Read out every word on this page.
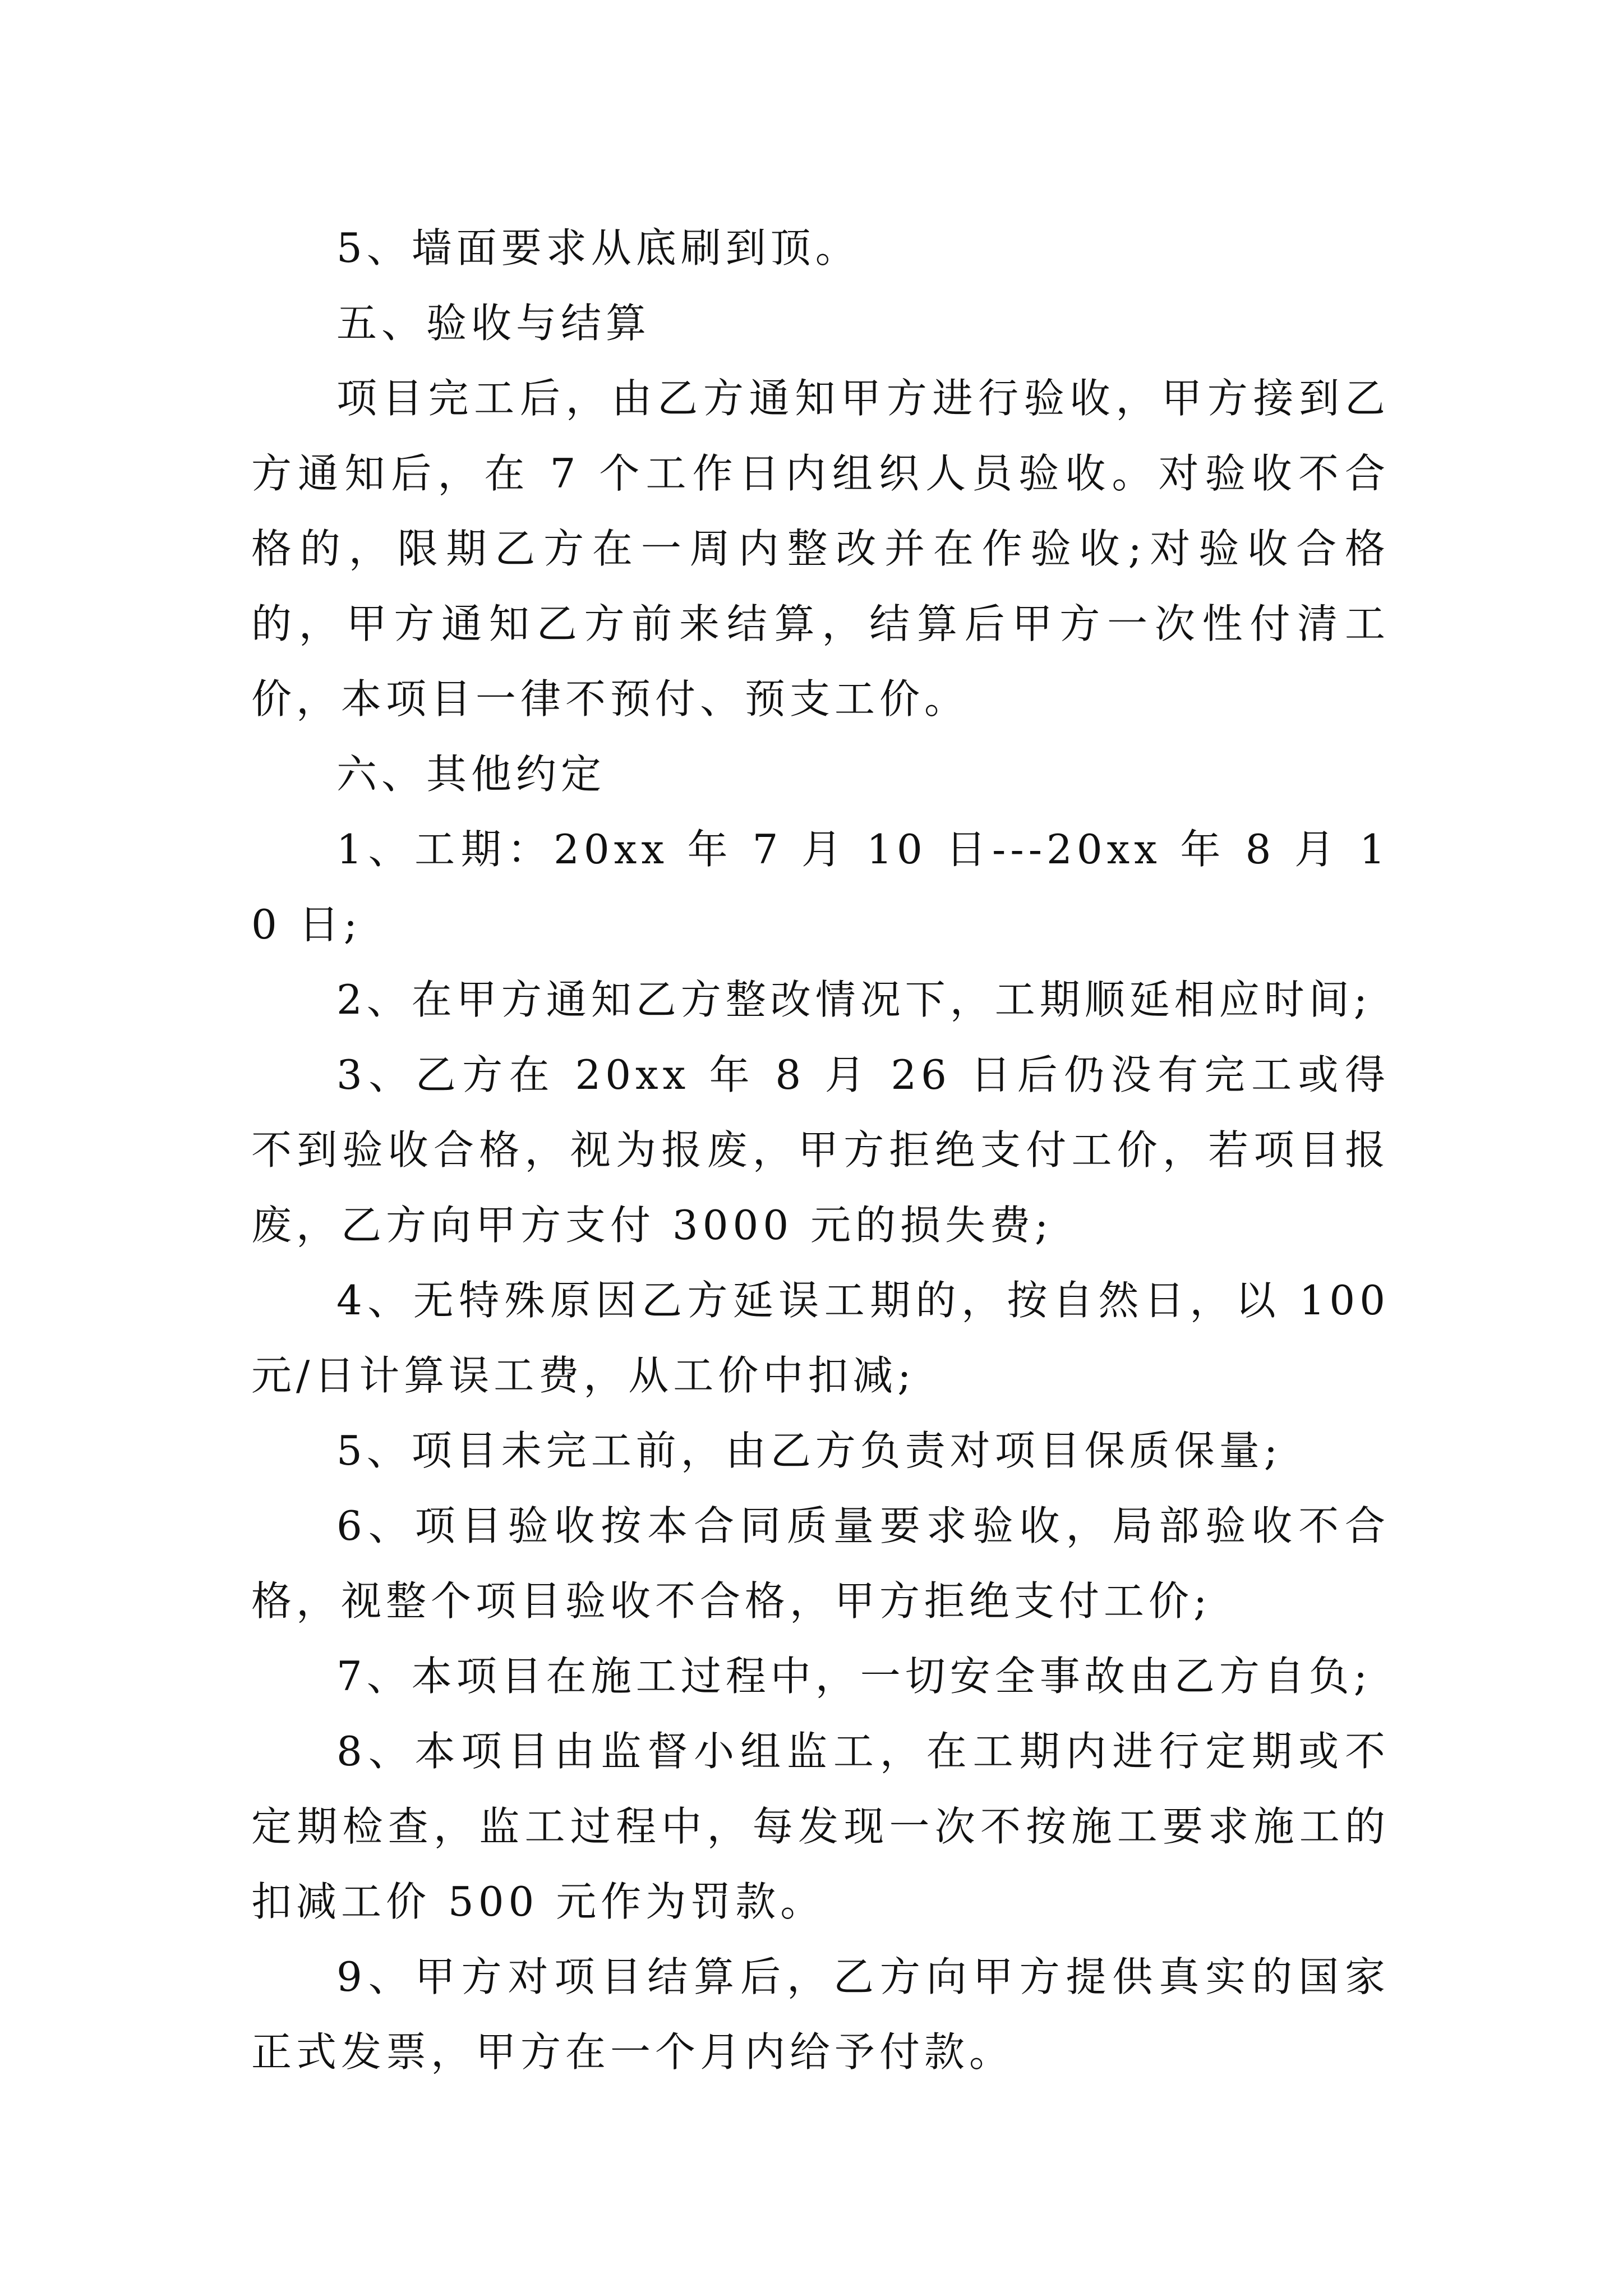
5、墙面要求从底刷到顶。

五、验收与结算

项目完工后，由乙方通知甲方进行验收，甲方接到乙方通知后，在 7 个工作日内组织人员验收。对验收不合格的，限期乙方在一周内整改并在作验收;对验收合格的，甲方通知乙方前来结算，结算后甲方一次性付清工价，本项目一律不预付、预支工价。

六、其他约定

1、工期：20xx 年 7 月 10 日---20xx 年 8 月 10 日;

2、在甲方通知乙方整改情况下，工期顺延相应时间;

3、乙方在 20xx 年 8 月 26 日后仍没有完工或得不到验收合格，视为报废，甲方拒绝支付工价，若项目报废，乙方向甲方支付 3000 元的损失费;

4、无特殊原因乙方延误工期的，按自然日，以 100 元/日计算误工费，从工价中扣减;

5、项目未完工前，由乙方负责对项目保质保量;

6、项目验收按本合同质量要求验收，局部验收不合格，视整个项目验收不合格，甲方拒绝支付工价;

7、本项目在施工过程中，一切安全事故由乙方自负;

8、本项目由监督小组监工，在工期内进行定期或不定期检查，监工过程中，每发现一次不按施工要求施工的扣减工价 500 元作为罚款。

9、甲方对项目结算后，乙方向甲方提供真实的国家正式发票，甲方在一个月内给予付款。
